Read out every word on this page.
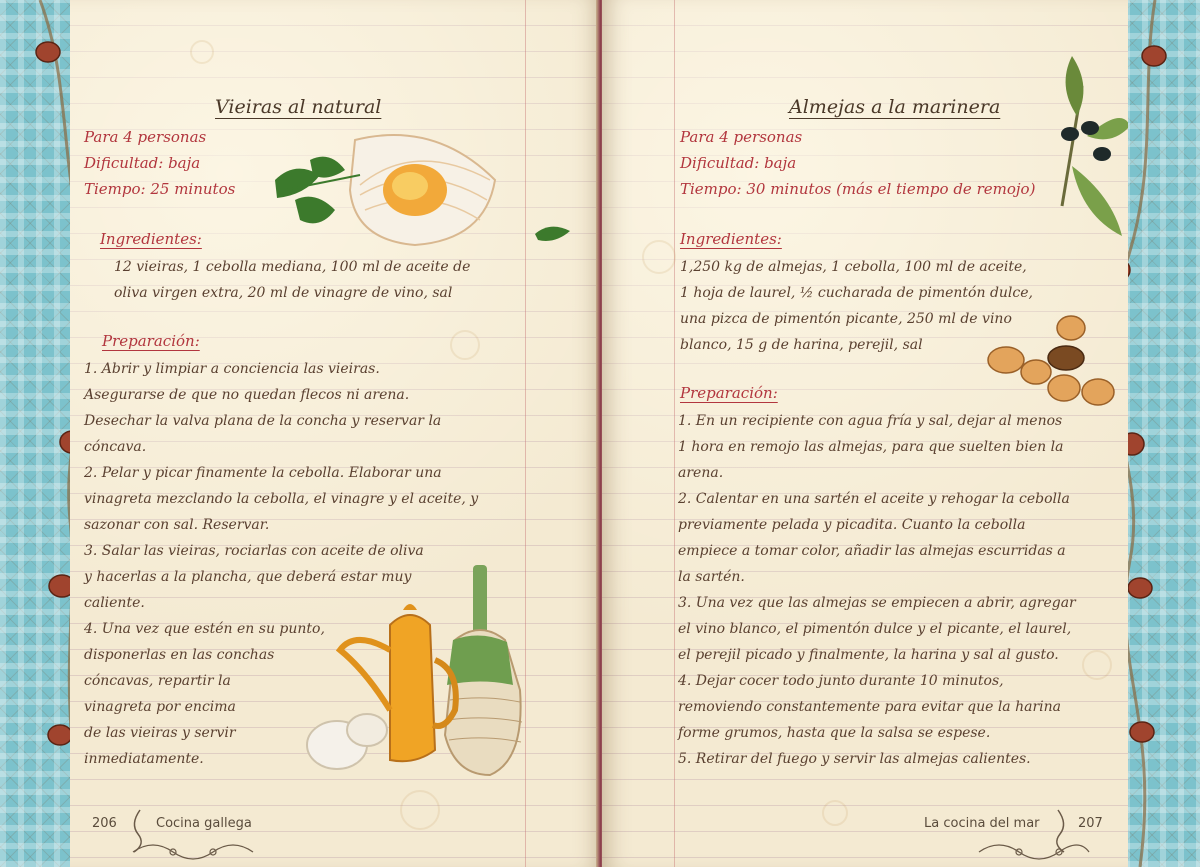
Vieiras al natural
Para 4 personas
Dificultad: baja
Tiempo: 25 minutos
Ingredientes:

12 vieiras, 1 cebolla mediana, 100 ml de aceite de

oliva virgen extra, 20 ml de vinagre de vino, sal

Preparación:

1. Abrir y limpiar a conciencia las vieiras.

Asegurarse de que no quedan flecos ni arena.

Desechar la valva plana de la concha y reservar la

cóncava.

2. Pelar y picar finamente la cebolla. Elaborar una

vinagreta mezclando la cebolla, el vinagre y el aceite, y

sazonar con sal. Reservar.

3. Salar las vieiras, rociarlas con aceite de oliva

y hacerlas a la plancha, que deberá estar muy

caliente.

4. Una vez que estén en su punto,

disponerlas en las conchas

cóncavas, repartir la

vinagreta por encima

de las vieiras y servir

inmediatamente.

206	Cocina gallega
Almejas a la marinera
Para 4 personas
Dificultad: baja
Tiempo: 30 minutos (más el tiempo de remojo)
Ingredientes:

1,250 kg de almejas, 1 cebolla, 100 ml de aceite,

1 hoja de laurel, ½ cucharada de pimentón dulce,

una pizca de pimentón picante, 250 ml de vino

blanco, 15 g de harina, perejil, sal

Preparación:

1. En un recipiente con agua fría y sal, dejar al menos

1 hora en remojo las almejas, para que suelten bien la

arena.

2. Calentar en una sartén el aceite y rehogar la cebolla

previamente pelada y picadita. Cuanto la cebolla

empiece a tomar color, añadir las almejas escurridas a

la sartén.

3. Una vez que las almejas se empiecen a abrir, agregar

el vino blanco, el pimentón dulce y el picante, el laurel,

el perejil picado y finalmente, la harina y sal al gusto.

4. Dejar cocer todo junto durante 10 minutos,

removiendo constantemente para evitar que la harina

forme grumos, hasta que la salsa se espese.

5. Retirar del fuego y servir las almejas calientes.

La cocina del mar	207
